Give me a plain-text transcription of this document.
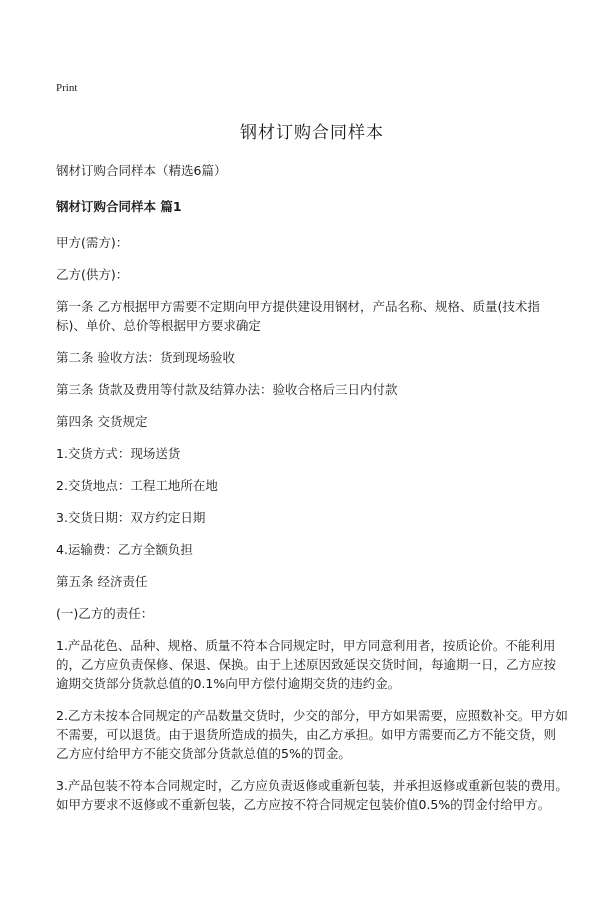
Print
钢材订购合同样本

钢材订购合同样本（精选6篇）

钢材订购合同样本 篇1

甲方(需方)：

乙方(供方)：

第一条 乙方根据甲方需要不定期向甲方提供建设用钢材，产品名称、规格、质量(技术指标)、单价、总价等根据甲方要求确定

第二条 验收方法：货到现场验收

第三条 货款及费用等付款及结算办法：验收合格后三日内付款

第四条 交货规定

1.交货方式：现场送货

2.交货地点：工程工地所在地

3.交货日期：双方约定日期

4.运输费：乙方全额负担

第五条 经济责任

(一)乙方的责任：

1.产品花色、品种、规格、质量不符本合同规定时，甲方同意利用者，按质论价。不能利用的，乙方应负责保修、保退、保换。由于上述原因致延误交货时间，每逾期一日，乙方应按逾期交货部分货款总值的0.1%向甲方偿付逾期交货的违约金。

2.乙方未按本合同规定的产品数量交货时，少交的部分，甲方如果需要，应照数补交。甲方如不需要，可以退货。由于退货所造成的损失，由乙方承担。如甲方需要而乙方不能交货，则乙方应付给甲方不能交货部分货款总值的5%的罚金。

3.产品包装不符本合同规定时，乙方应负责返修或重新包装，并承担返修或重新包装的费用。如甲方要求不返修或不重新包装，乙方应按不符合同规定包装价值0.5%的罚金付给甲方。
